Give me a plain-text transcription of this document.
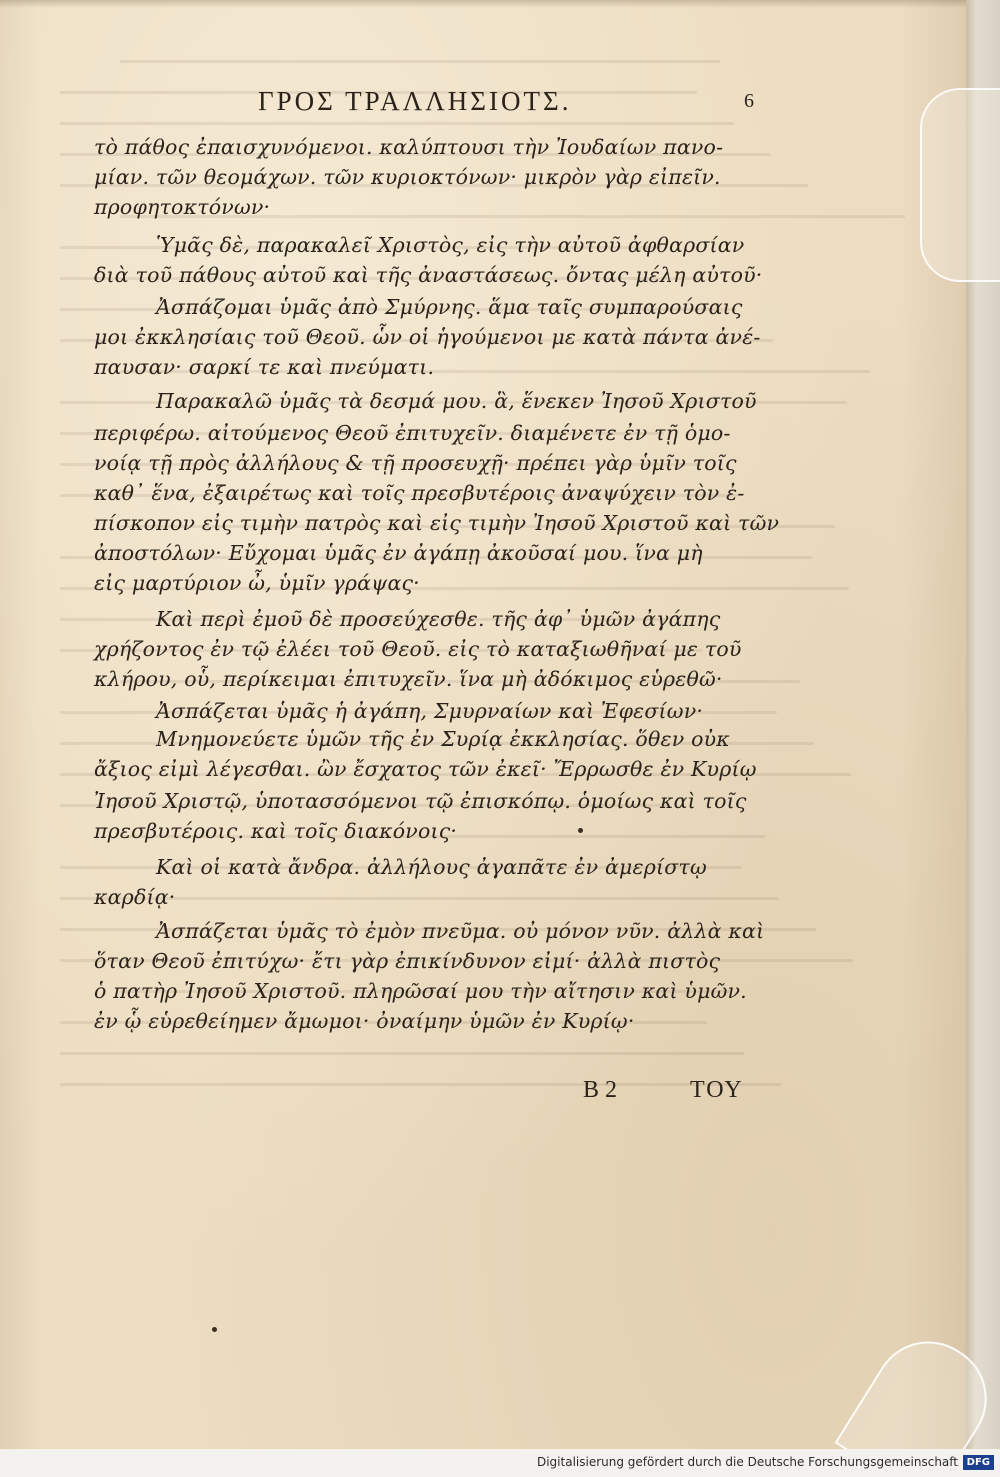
ΓΡΟΣ ΤΡΑΛΛΗΣΙΟΤΣ.	6
τὸ πάθος ἐπαισχυνόμενοι. καλύπτουσι τὴν Ἰουδαίων πανο-
μίαν. τῶν θεομάχων. τῶν κυριοκτόνων· μικρὸν γὰρ εἰπεῖν.
προφητοκτόνων·
Ὑμᾶς δὲ, παρακαλεῖ Χριστὸς, εἰς τὴν αὐτοῦ ἀφθαρσίαν
διὰ τοῦ πάθους αὐτοῦ καὶ τῆς ἀναστάσεως. ὄντας μέλη αὐτοῦ·
Ἀσπάζομαι ὑμᾶς ἀπὸ Σμύρνης. ἅμα ταῖς συμπαρούσαις
μοι ἐκκλησίαις τοῦ Θεοῦ. ὧν οἱ ἡγούμενοι με κατὰ πάντα ἀνέ-
παυσαν· σαρκί τε καὶ πνεύματι.
Παρακαλῶ ὑμᾶς τὰ δεσμά μου. ἃ, ἕνεκεν Ἰησοῦ Χριστοῦ
περιφέρω. αἰτούμενος Θεοῦ ἐπιτυχεῖν. διαμένετε ἐν τῇ ὁμο-
νοίᾳ τῇ πρὸς ἀλλήλους & τῇ προσευχῇ· πρέπει γὰρ ὑμῖν τοῖς
καθ᾽ ἕνα, ἐξαιρέτως καὶ τοῖς πρεσβυτέροις ἀναψύχειν τὸν ἐ-
πίσκοπον εἰς τιμὴν πατρὸς καὶ εἰς τιμὴν Ἰησοῦ Χριστοῦ καὶ τῶν
ἀποστόλων· Εὔχομαι ὑμᾶς ἐν ἀγάπῃ ἀκοῦσαί μου. ἵνα μὴ
εἰς μαρτύριον ὦ, ὑμῖν γράψας·
Καὶ περὶ ἐμοῦ δὲ προσεύχεσθε. τῆς ἀφ᾽ ὑμῶν ἀγάπης
χρήζοντος ἐν τῷ ἐλέει τοῦ Θεοῦ. εἰς τὸ καταξιωθῆναί με τοῦ
κλήρου, οὗ, περίκειμαι ἐπιτυχεῖν. ἵνα μὴ ἀδόκιμος εὑρεθῶ·
Ἀσπάζεται ὑμᾶς ἡ ἀγάπη, Σμυρναίων καὶ Ἐφεσίων·
Μνημονεύετε ὑμῶν τῆς ἐν Συρίᾳ ἐκκλησίας. ὅθεν οὐκ
ἄξιος εἰμὶ λέγεσθαι. ὢν ἔσχατος τῶν ἐκεῖ· Ἔρρωσθε ἐν Κυρίῳ
Ἰησοῦ Χριστῷ, ὑποτασσόμενοι τῷ ἐπισκόπῳ. ὁμοίως καὶ τοῖς
πρεσβυτέροις. καὶ τοῖς διακόνοις·
Καὶ οἱ κατὰ ἄνδρα. ἀλλήλους ἀγαπᾶτε ἐν ἀμερίστῳ
καρδίᾳ·
Ἀσπάζεται ὑμᾶς τὸ ἐμὸν πνεῦμα. οὐ μόνον νῦν. ἀλλὰ καὶ
ὅταν Θεοῦ ἐπιτύχω· ἔτι γὰρ ἐπικίνδυνον εἰμί· ἀλλὰ πιστὸς
ὁ πατὴρ Ἰησοῦ Χριστοῦ. πληρῶσαί μου τὴν αἴτησιν καὶ ὑμῶν.
ἐν ᾧ εὑρεθείημεν ἄμωμοι· ὀναίμην ὑμῶν ἐν Κυρίῳ·
Β 2	ΤΟΥ
Digitalisierung gefördert durch die Deutsche Forschungsgemeinschaft DFG
